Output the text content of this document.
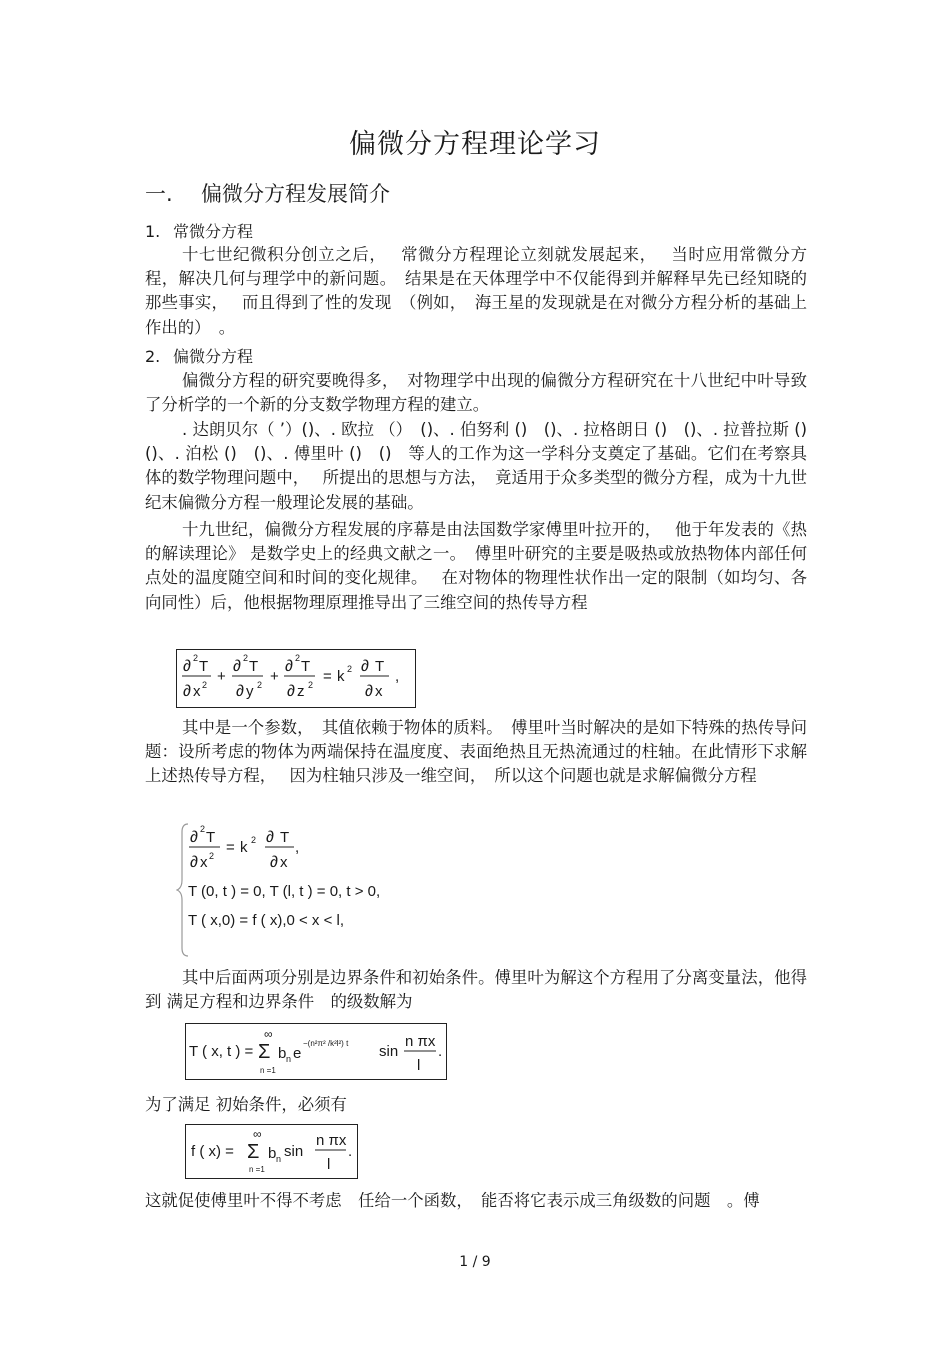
偏微分方程理论学习
一. 偏微分方程发展简介
1. 常微分方程

十七世纪微积分创立之后，　 常微分方程理论立刻就发展起来，　 当时应用常微分方程，解决几何与理学中的新问题。　结果是在天体理学中不仅能得到并解释早先已经知晓的那些事实，　 而且得到了性的发现　（例如，　海王星的发现就是在对微分方程分析的基础上作出的）　。

2. 偏微分方程

偏微分方程的研究要晚得多，　对物理学中出现的偏微分方程研究在十八世纪中叶导致了分析学的一个新的分支数学物理方程的建立。

. 达朗贝尔（ ’）()、. 欧拉 （）　()、. 伯努利 ()　()、. 拉格朗日 ()　()、. 拉普拉斯 ()　()、. 泊松 ()　()、. 傅里叶 ()　()　等人的工作为这一学科分支奠定了基础。它们在考察具体的数学物理问题中，　 所提出的思想与方法，　竟适用于众多类型的微分方程，成为十九世纪末偏微分方程一般理论发展的基础。

十九世纪，偏微分方程发展的序幕是由法国数学家傅里叶拉开的，　 他于年发表的《热的解读理论》 是数学史上的经典文献之一。　傅里叶研究的主要是吸热或放热物体内部任何点处的温度随空间和时间的变化规律。　 在对物体的物理性状作出一定的限制（如均匀、各向同性）后，他根据物理原理推导出了三维空间的热传导方程

∂ 2 T
∂ x 2 +
∂ 2 T
∂ y 2 +
∂ 2 T
∂ z 2 = k 2 ∂ T
∂ x
,

其中是一个参数，　其值依赖于物体的质料。　傅里叶当时解决的是如下特殊的热传导问题：设所考虑的物体为两端保持在温度度、表面绝热且无热流通过的柱轴。在此情形下求解上述热传导方程，　 因为柱轴只涉及一维空间，　所以这个问题也就是求解偏微分方程

∂ 2 T
∂ x 2 = k 2 ∂ T
∂ x
,
T (0, t ) = 0, T (l, t ) = 0, t > 0,
T ( x,0) = f ( x),0 < x < l,

其中后面两项分别是边界条件和初始条件。傅里叶为解这个方程用了分离变量法，他得到 满足方程和边界条件　的级数解为

T ( x, t ) =
∞
Σ
n =1
b n e
−(n²π² /k²l²) t sin
n πx
l
.
为了满足 初始条件，必须有
f ( x) =
∞
Σ
n =1
b n sin
n πx
l
.

这就促使傅里叶不得不考虑　任给一个函数，　能否将它表示成三角级数的问题　。傅

1 / 9
